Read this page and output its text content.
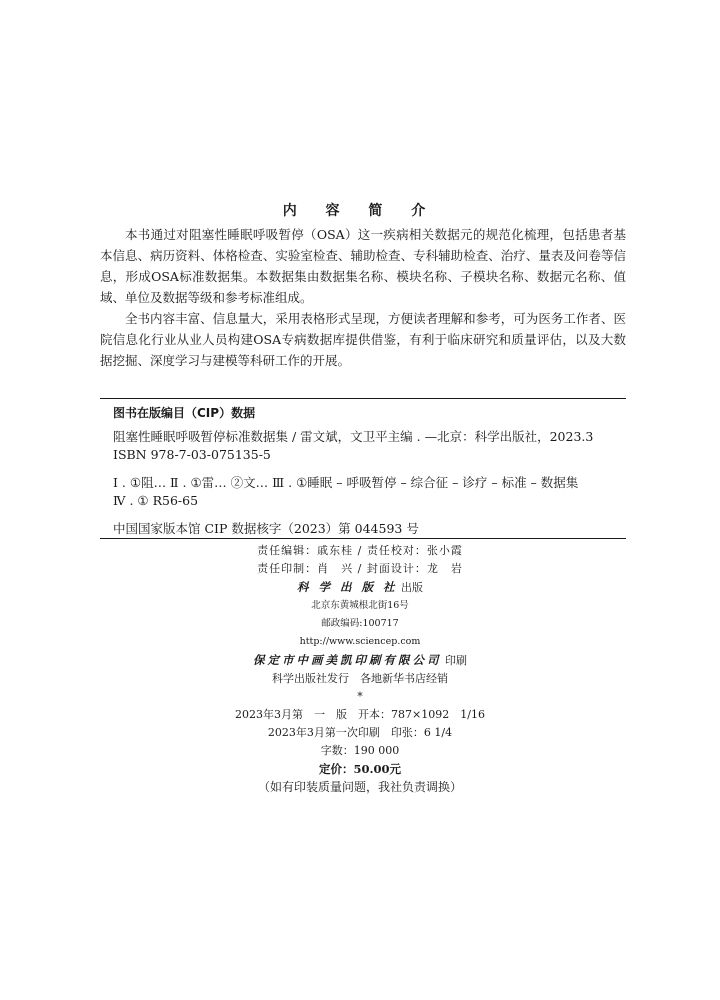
内 容 简 介

本书通过对阻塞性睡眠呼吸暂停（OSA）这一疾病相关数据元的规范化梳理，包括患者基本信息、病历资料、体格检查、实验室检查、辅助检查、专科辅助检查、治疗、量表及问卷等信息，形成OSA标准数据集。本数据集由数据集名称、模块名称、子模块名称、数据元名称、值域、单位及数据等级和参考标准组成。

全书内容丰富、信息量大，采用表格形式呈现，方便读者理解和参考，可为医务工作者、医院信息化行业从业人员构建OSA专病数据库提供借鉴，有利于临床研究和质量评估，以及大数据挖掘、深度学习与建模等科研工作的开展。

图书在版编目（CIP）数据
阻塞性睡眠呼吸暂停标准数据集 / 雷文斌，文卫平主编 . —北京：科学出版社，2023.3
ISBN 978-7-03-075135-5
Ⅰ . ①阻… Ⅱ . ①雷… ②文… Ⅲ . ①睡眠 – 呼吸暂停 – 综合征 – 诊疗 – 标准 – 数据集
Ⅳ . ① R56-65
中国国家版本馆 CIP 数据核字（2023）第 044593 号
责任编辑：戚东桂 / 责任校对：张小霞
责任印制：肖　兴 / 封面设计：龙　岩
科 学 出 版 社 出版
北京东黄城根北街16号
邮政编码:100717
http://www.sciencep.com
保定市中画美凯印刷有限公司 印刷
科学出版社发行　各地新华书店经销
*
2023年3月第　一　版　开本：787×1092　1/16
2023年3月第一次印刷　印张：6 1/4
字数：190 000
定价：50.00元
（如有印装质量问题，我社负责调换）
